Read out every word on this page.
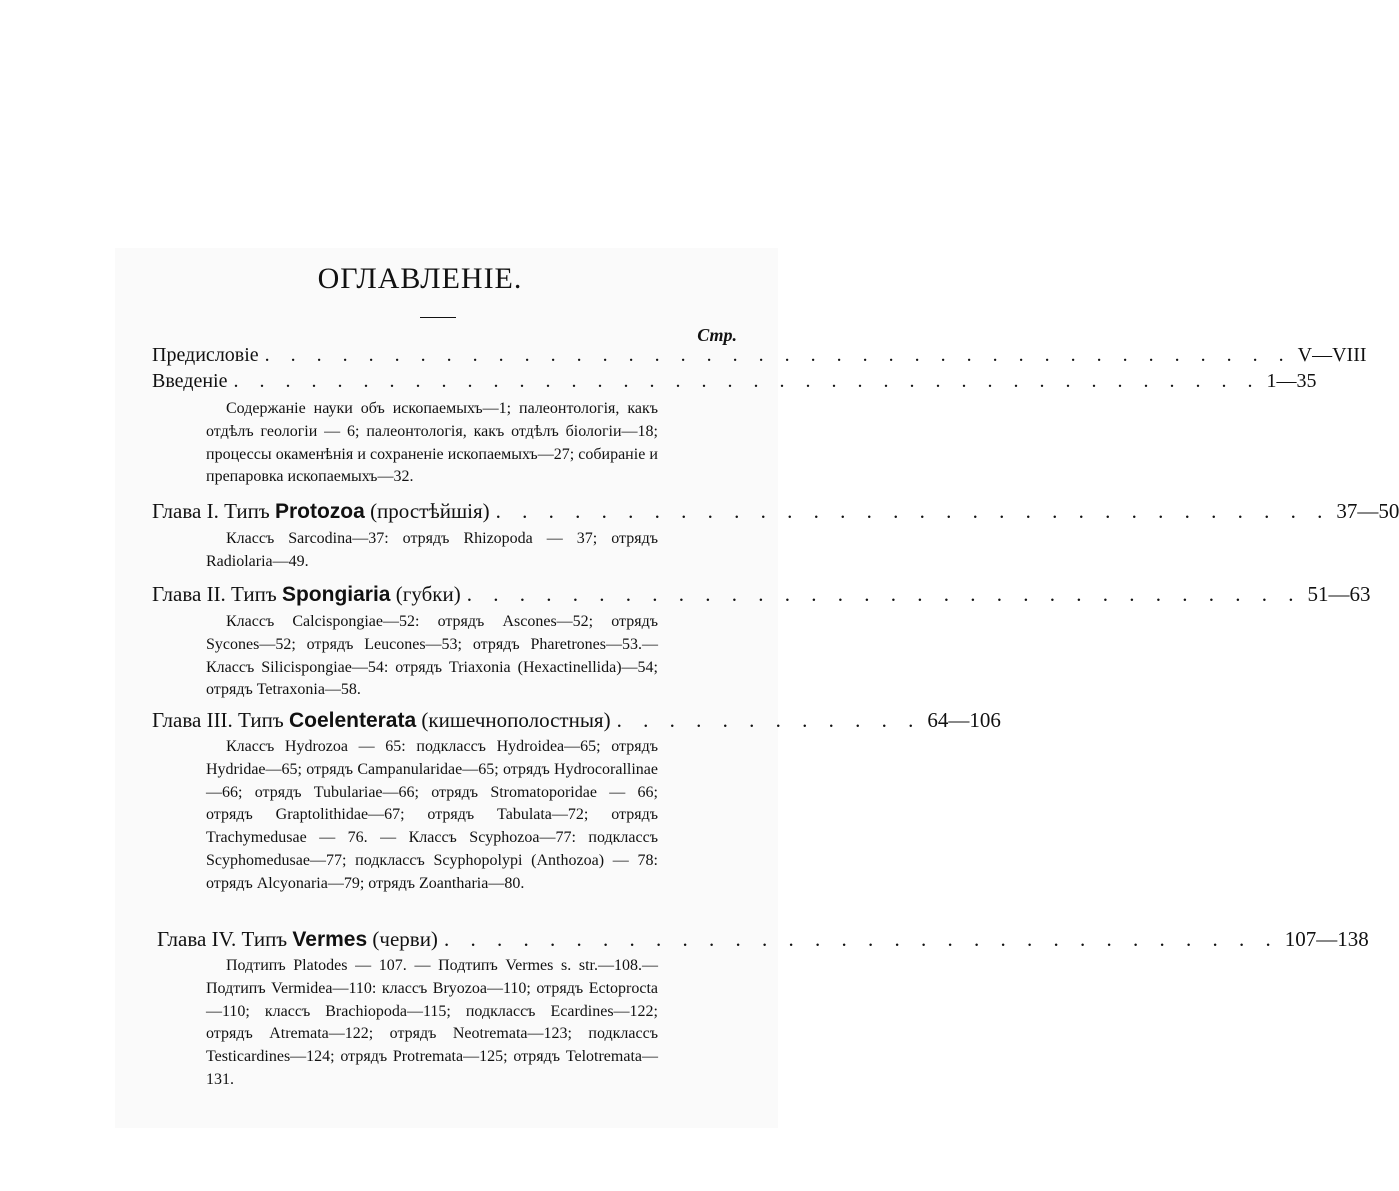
ОГЛАВЛЕНIЕ.
Стр.
Предисловiе . . . . . . . . . . . . . . . . . . . . . . . . . . . . . . . . . . . . . . . . V—VIII
Введенiе . . . . . . . . . . . . . . . . . . . . . . . . . . . . . . . . . . . . . . . . 1—35

Содержанiе науки объ ископаемыхъ—1; палеонтологiя, какъ отдѣлъ геологiи — 6; палеонтологiя, какъ отдѣлъ бiологiи—18; процессы окаменѣнiя и сохраненiе ископаемыхъ—27; собиранiе и препаровка ископаемыхъ—32.

Глава I. Типъ Protozoa (простѣйшiя) . . . . . . . . . . . . . . . . . . . . . . . . . . . . . . . . 37—50

Классъ Sarcodina—37: отрядъ Rhizopoda — 37; отрядъ Radiolaria—49.

Глава II. Типъ Spongiaria (губки) . . . . . . . . . . . . . . . . . . . . . . . . . . . . . . . . 51—63

Классъ Calcispongiae—52: отрядъ Ascones—52; отрядъ Sycones—52; отрядъ Leucones—53; отрядъ Pharetrones—53.—Классъ Silicispongiae—54: отрядъ Triaxonia (Hexactinellida)—54; отрядъ Tetraxonia—58.

Глава III. Типъ Coelenterata (кишечнополостныя) . . . . . . . . . . . . 64—106

Классъ Hydrozoa — 65: подклассъ Hydroidea—65; отрядъ Hydridae—65; отрядъ Campanularidae—65; отрядъ Hydrocorallinae—66; отрядъ Tubulariae—66; отрядъ Stromatoporidae — 66; отрядъ Graptolithidae—67; отрядъ Tabulata—72; отрядъ Trachymedusae — 76. — Классъ Scyphozoa—77: подклассъ Scyphomedusae—77; подклассъ Scyphopolypi (Anthozoa) — 78: отрядъ Alcyonaria—79; отрядъ Zoantharia—80.

Глава IV. Типъ Vermes (черви) . . . . . . . . . . . . . . . . . . . . . . . . . . . . . . . . 107—138

Подтипъ Platodes — 107. — Подтипъ Vermes s. str.—108.—Подтипъ Vermidea—110: классъ Bryozoa—110; отрядъ Ectoprocta—110; классъ Brachiopoda—115; подклассъ Ecardines—122; отрядъ Atremata—122; отрядъ Neotremata—123; подклассъ Testicardines—124; отрядъ Protremata—125; отрядъ Telotremata—131.
